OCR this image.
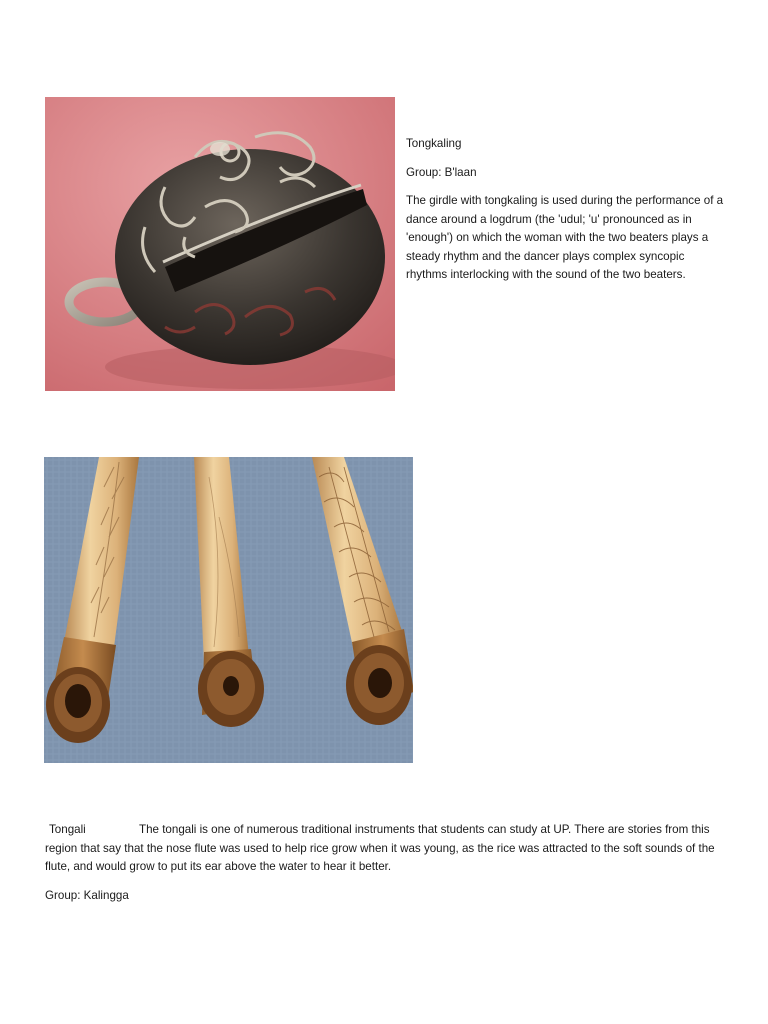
Tongkaling

Group: B'laan

The girdle with tongkaling is used during the performance of a dance around a logdrum (the 'udul; 'u' pronounced as in 'enough') on which the woman with the two beaters plays a steady rhythm and the dancer plays complex syncopic rhythms interlocking with the sound of the two beaters.

Tongali	The tongali is one of numerous traditional instruments that students can study at UP. There are stories from this region that say that the nose flute was used to help rice grow when it was young, as the rice was attracted to the soft sounds of the flute, and would grow to put its ear above the water to hear it better.

Group: Kalingga
